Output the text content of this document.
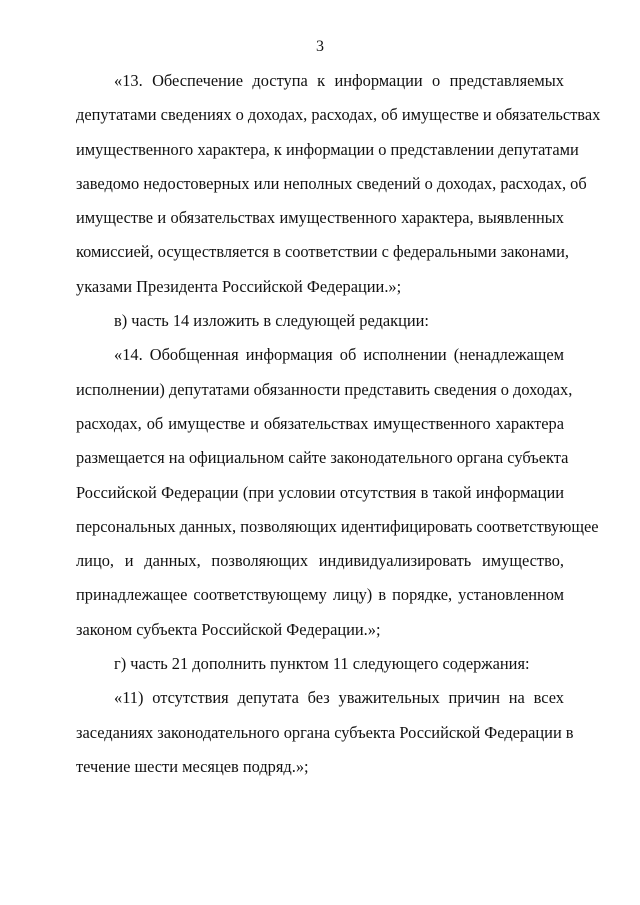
3

«13. Обеспечение доступа к информации о представляемых
депутатами сведениях о доходах, расходах, об имуществе и обязательствах
имущественного характера, к информации о представлении депутатами
заведомо недостоверных или неполных сведений о доходах, расходах, об
имуществе и обязательствах имущественного характера, выявленных
комиссией, осуществляется в соответствии с федеральными законами,
указами Президента Российской Федерации.»;

в) часть 14 изложить в следующей редакции:

«14. Обобщенная информация об исполнении (ненадлежащем
исполнении) депутатами обязанности представить сведения о доходах,
расходах, об имуществе и обязательствах имущественного характера
размещается на официальном сайте законодательного органа субъекта
Российской Федерации (при условии отсутствия в такой информации
персональных данных, позволяющих идентифицировать соответствующее
лицо, и данных, позволяющих индивидуализировать имущество,
принадлежащее соответствующему лицу) в порядке, установленном
законом субъекта Российской Федерации.»;

г) часть 21 дополнить пунктом 11 следующего содержания:

«11) отсутствия депутата без уважительных причин на всех
заседаниях законодательного органа субъекта Российской Федерации в
течение шести месяцев подряд.»;
